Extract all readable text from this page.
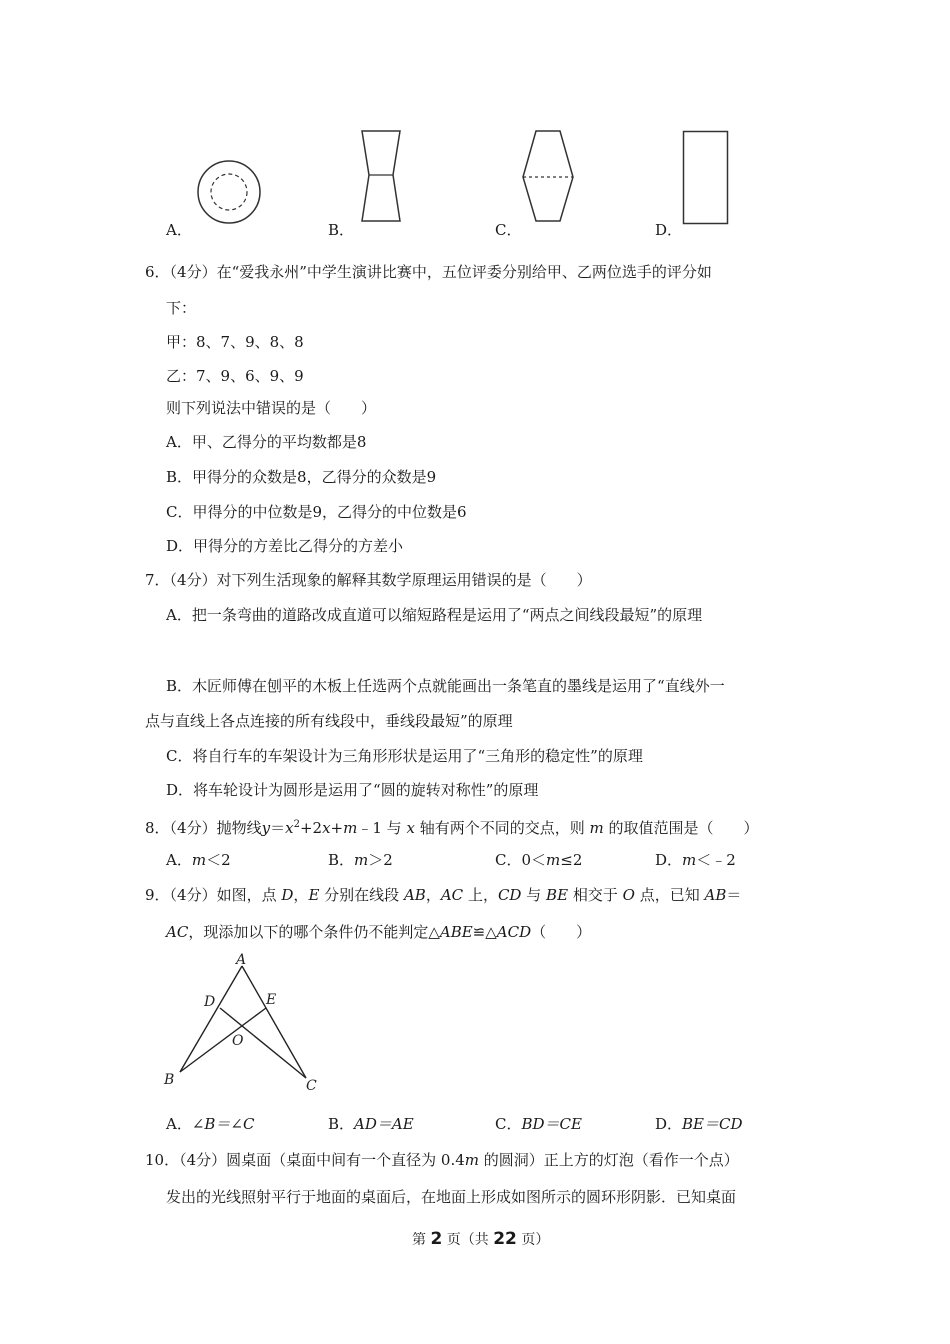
A．	B．	C．	D．
6．（4分）在“爱我永州”中学生演讲比赛中，五位评委分别给甲、乙两位选手的评分如
下：
甲：8、7、9、8、8
乙：7、9、6、9、9
则下列说法中错误的是（　　）
A．甲、乙得分的平均数都是8
B．甲得分的众数是8，乙得分的众数是9
C．甲得分的中位数是9，乙得分的中位数是6
D．甲得分的方差比乙得分的方差小
7．（4分）对下列生活现象的解释其数学原理运用错误的是（　　）
A．把一条弯曲的道路改成直道可以缩短路程是运用了“两点之间线段最短”的原理
B．木匠师傅在刨平的木板上任选两个点就能画出一条笔直的墨线是运用了“直线外一
点与直线上各点连接的所有线段中，垂线段最短”的原理
C．将自行车的车架设计为三角形形状是运用了“三角形的稳定性”的原理
D．将车轮设计为圆形是运用了“圆的旋转对称性”的原理
8．（4分）抛物线$y=x^2+2x+m﹣1$ 与 x 轴有两个不同的交点，则 m 的取值范围是（　　）
A．m＜2	B．m＞2	C．0＜m≤2	D．m＜﹣2
9．（4分）如图，点 D，E 分别在线段 AB，AC 上，CD 与 BE 相交于 O 点，已知 AB＝
AC，现添加以下的哪个条件仍不能判定△ABE≌△ACD（　　）
A
D	E
O
B	C
A．∠B＝∠C	B．AD＝AE	C．BD＝CE	D．BE＝CD
10．（4分）圆桌面（桌面中间有一个直径为 0.4m 的圆洞）正上方的灯泡（看作一个点）
发出的光线照射平行于地面的桌面后，在地面上形成如图所示的圆环形阴影．已知桌面
第 2 页（共 22 页）
